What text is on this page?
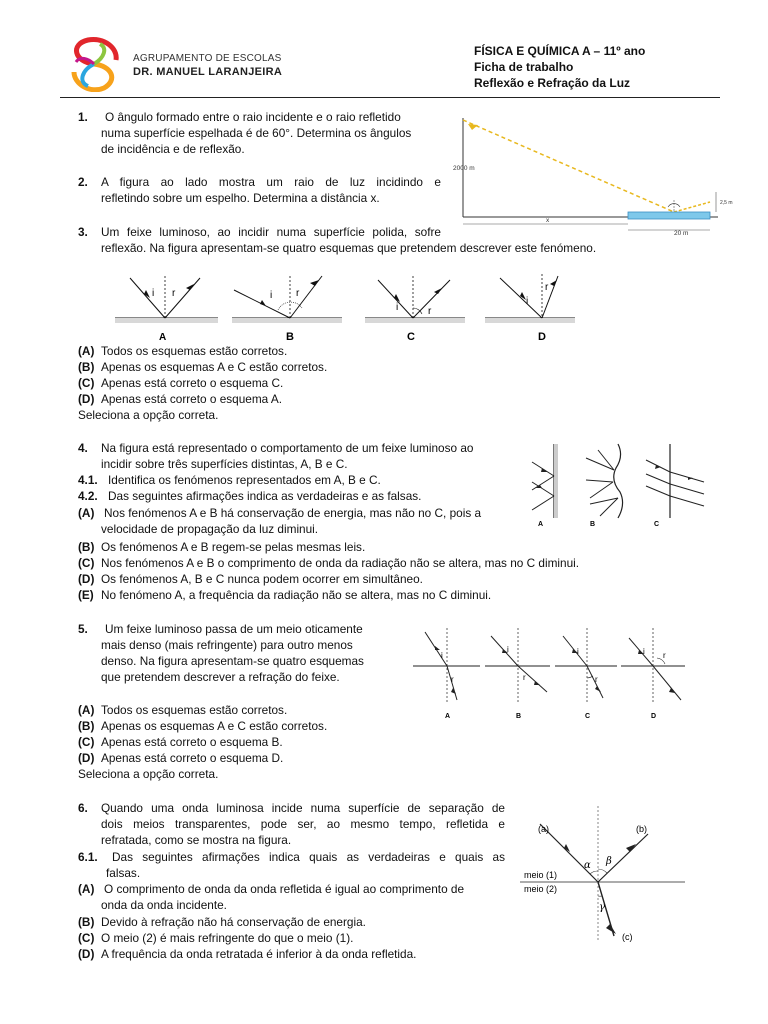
AGRUPAMENTO DE ESCOLAS
DR. MANUEL LARANJEIRA
FÍSICA E QUÍMICA A – 11º ano
Ficha de trabalho
Reflexão e Refração da Luz
1. O ângulo formado entre o raio incidente e o raio refletido
numa superfície espelhada é de 60°. Determina os ângulos
de incidência e de reflexão.
2. A figura ao lado mostra um raio de luz incidindo e
refletindo sobre um espelho. Determina a distância x.
2000 m
x
20 m
2,5 m
3. Um feixe luminoso, ao incidir numa superfície polida, sofre
reflexão. Na figura apresentam-se quatro esquemas que pretendem descrever este fenómeno.
i r
A
i r
B
i	r
C
i
r
D
(A) Todos os esquemas estão corretos.
(B) Apenas os esquemas A e C estão corretos.
(C) Apenas está correto o esquema C.
(D) Apenas está correto o esquema A.
Seleciona a opção correta.
4. Na figura está representado o comportamento de um feixe luminoso ao
incidir sobre três superfícies distintas, A, B e C.
4.1. Identifica os fenómenos representados em A, B e C.
4.2. Das seguintes afirmações indica as verdadeiras e as falsas.
(A) Nos fenómenos A e B há conservação de energia, mas não no C, pois a
velocidade de propagação da luz diminui.
(B) Os fenómenos A e B regem-se pelas mesmas leis.
(C) Nos fenómenos A e B o comprimento de onda da radiação não se altera, mas no C diminui.
(D) Os fenómenos A, B e C nunca podem ocorrer em simultâneo.
(E) No fenómeno A, a frequência da radiação não se altera, mas no C diminui.
A	B	C
5. Um feixe luminoso passa de um meio oticamente
mais denso (mais refringente) para outro menos
denso. Na figura apresentam-se quatro esquemas
que pretendem descrever a refração do feixe.
i
r
A
i
r
B
i
r
C
i r
D
(A) Todos os esquemas estão corretos.
(B) Apenas os esquemas A e C estão corretos.
(C) Apenas está correto o esquema B.
(D) Apenas está correto o esquema D.
Seleciona a opção correta.
6. Quando uma onda luminosa incide numa superfície de separação de
dois meios transparentes, pode ser, ao mesmo tempo, refletida e
refratada, como se mostra na figura.
6.1. Das seguintes afirmações indica quais as verdadeiras e quais as
falsas.
(A) O comprimento de onda da onda refletida é igual ao comprimento de
onda da onda incidente.
(B) Devido à refração não há conservação de energia.
(C) O meio (2) é mais refringente do que o meio (1).
(D) A frequência da onda retratada é inferior à da onda refletida.
(a)	(b)
(c)
meio (1)
meio (2)
α β
γ
